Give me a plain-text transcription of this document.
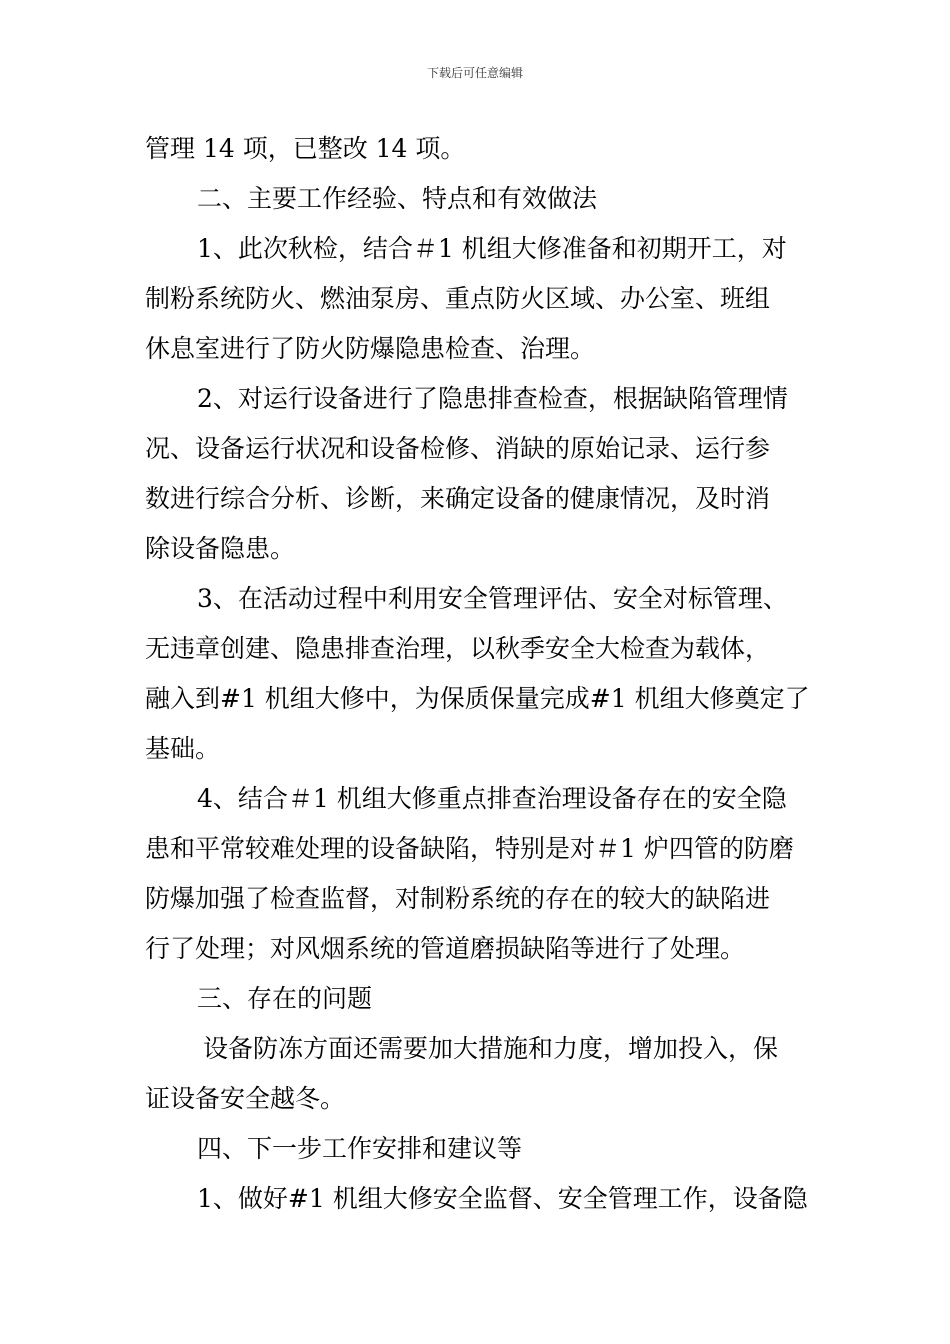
下载后可任意编辑
管理 14 项，已整改 14 项。
二、主要工作经验、特点和有效做法
1、此次秋检，结合＃1 机组大修准备和初期开工，对
制粉系统防火、燃油泵房、重点防火区域、办公室、班组
休息室进行了防火防爆隐患检查、治理。
2、对运行设备进行了隐患排查检查，根据缺陷管理情
况、设备运行状况和设备检修、消缺的原始记录、运行参
数进行综合分析、诊断，来确定设备的健康情况，及时消
除设备隐患。
3、在活动过程中利用安全管理评估、安全对标管理、
无违章创建、隐患排查治理，以秋季安全大检查为载体，
融入到#1 机组大修中，为保质保量完成#1 机组大修奠定了
基础。
4、结合＃1 机组大修重点排查治理设备存在的安全隐
患和平常较难处理的设备缺陷，特别是对＃1 炉四管的防磨
防爆加强了检查监督，对制粉系统的存在的较大的缺陷进
行了处理；对风烟系统的管道磨损缺陷等进行了处理。
三、存在的问题
设备防冻方面还需要加大措施和力度，增加投入，保
证设备安全越冬。
四、下一步工作安排和建议等
1、做好#1 机组大修安全监督、安全管理工作，设备隐
